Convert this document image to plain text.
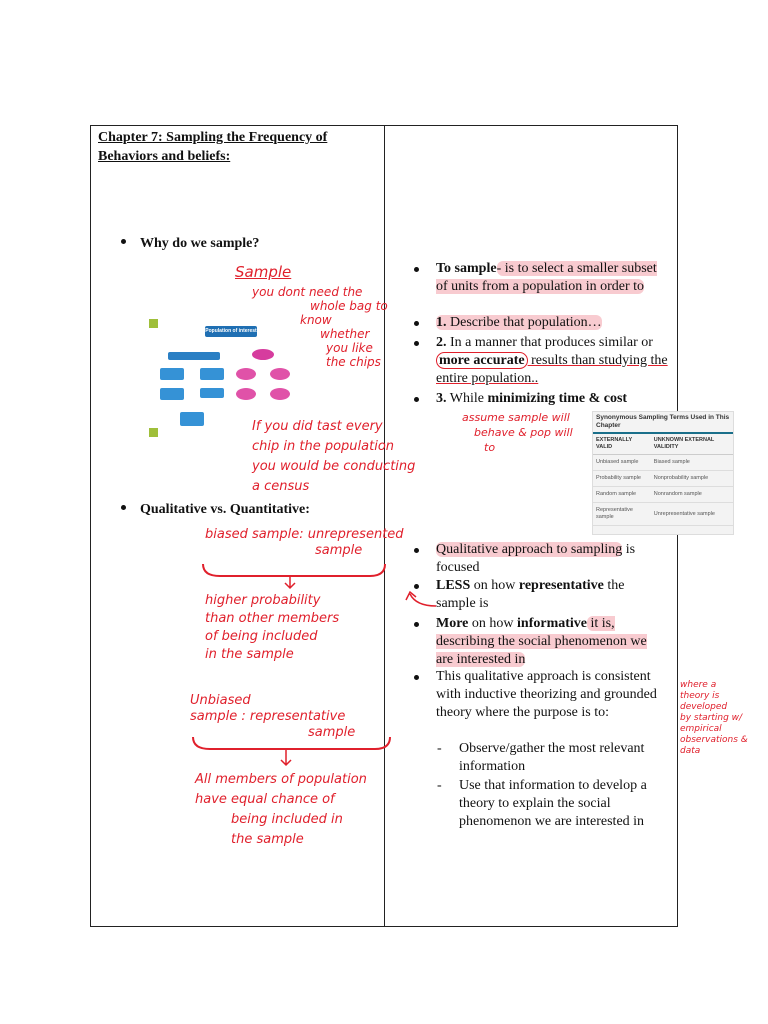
Chapter 7: Sampling the Frequency of Behaviors and beliefs:
Why do we sample?
Qualitative vs. Quantitative:
Population of interest
Sample
you dont need the
whole bag to
know
whether
you like
the chips
If you did tast every
chip in the population
you would be conducting
a census
biased sample: unrepresented
sample
higher probability
than other members
of being included
in the sample
Unbiased
sample : representative
sample
All members of population
have equal chance of
being included in
the sample
To sample- is to select a smaller subset of units from a population in order to
1. Describe that population…
2. In a manner that produces similar or more accurate results than studying the entire population..
3. While minimizing time & cost
Qualitative approach to sampling is focused
LESS on how representative the sample is
More on how informative it is, describing the social phenomenon we are interested in
This qualitative approach is consistent with inductive theorizing and grounded theory where the purpose is to:
- Observe/gather the most relevant information
- Use that information to develop a theory to explain the social phenomenon we are interested in
assume sample will
behave & pop will
to
where a
theory is
developed
by starting w/
empirical
observations &
data
Synonymous Sampling Terms Used in This Chapter
EXTERNALLY VALID	UNKNOWN EXTERNAL VALIDITY
Unbiased sample	Biased sample
Probability sample	Nonprobability sample
Random sample	Nonrandom sample
Representative sample	Unrepresentative sample
